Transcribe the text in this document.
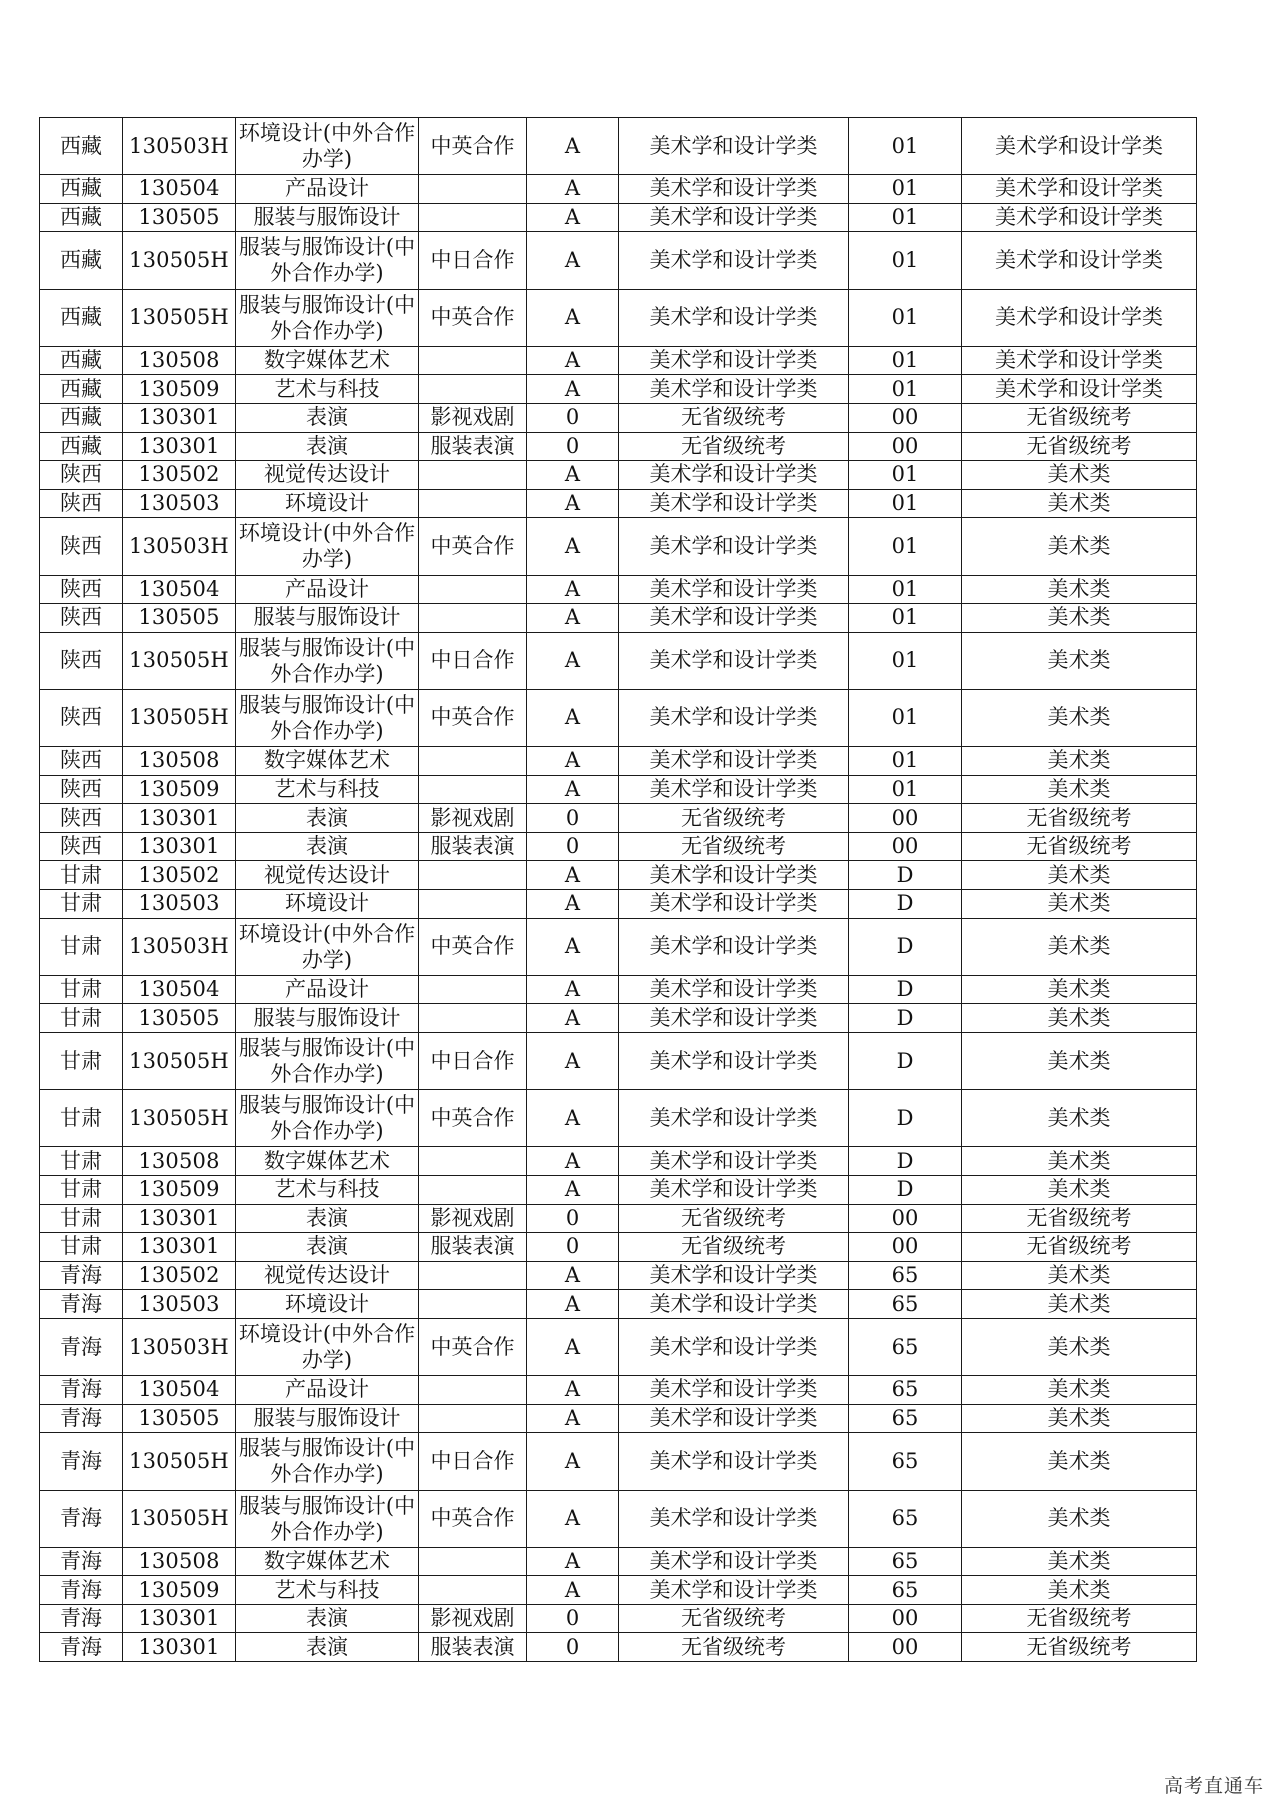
西藏	130503H	环境设计(中外合作办学)	中英合作	A	美术学和设计学类	01	美术学和设计学类
西藏	130504	产品设计		A	美术学和设计学类	01	美术学和设计学类
西藏	130505	服装与服饰设计		A	美术学和设计学类	01	美术学和设计学类
西藏	130505H	服装与服饰设计(中外合作办学)	中日合作	A	美术学和设计学类	01	美术学和设计学类
西藏	130505H	服装与服饰设计(中外合作办学)	中英合作	A	美术学和设计学类	01	美术学和设计学类
西藏	130508	数字媒体艺术		A	美术学和设计学类	01	美术学和设计学类
西藏	130509	艺术与科技		A	美术学和设计学类	01	美术学和设计学类
西藏	130301	表演	影视戏剧	0	无省级统考	00	无省级统考
西藏	130301	表演	服装表演	0	无省级统考	00	无省级统考
陕西	130502	视觉传达设计		A	美术学和设计学类	01	美术类
陕西	130503	环境设计		A	美术学和设计学类	01	美术类
陕西	130503H	环境设计(中外合作办学)	中英合作	A	美术学和设计学类	01	美术类
陕西	130504	产品设计		A	美术学和设计学类	01	美术类
陕西	130505	服装与服饰设计		A	美术学和设计学类	01	美术类
陕西	130505H	服装与服饰设计(中外合作办学)	中日合作	A	美术学和设计学类	01	美术类
陕西	130505H	服装与服饰设计(中外合作办学)	中英合作	A	美术学和设计学类	01	美术类
陕西	130508	数字媒体艺术		A	美术学和设计学类	01	美术类
陕西	130509	艺术与科技		A	美术学和设计学类	01	美术类
陕西	130301	表演	影视戏剧	0	无省级统考	00	无省级统考
陕西	130301	表演	服装表演	0	无省级统考	00	无省级统考
甘肃	130502	视觉传达设计		A	美术学和设计学类	D	美术类
甘肃	130503	环境设计		A	美术学和设计学类	D	美术类
甘肃	130503H	环境设计(中外合作办学)	中英合作	A	美术学和设计学类	D	美术类
甘肃	130504	产品设计		A	美术学和设计学类	D	美术类
甘肃	130505	服装与服饰设计		A	美术学和设计学类	D	美术类
甘肃	130505H	服装与服饰设计(中外合作办学)	中日合作	A	美术学和设计学类	D	美术类
甘肃	130505H	服装与服饰设计(中外合作办学)	中英合作	A	美术学和设计学类	D	美术类
甘肃	130508	数字媒体艺术		A	美术学和设计学类	D	美术类
甘肃	130509	艺术与科技		A	美术学和设计学类	D	美术类
甘肃	130301	表演	影视戏剧	0	无省级统考	00	无省级统考
甘肃	130301	表演	服装表演	0	无省级统考	00	无省级统考
青海	130502	视觉传达设计		A	美术学和设计学类	65	美术类
青海	130503	环境设计		A	美术学和设计学类	65	美术类
青海	130503H	环境设计(中外合作办学)	中英合作	A	美术学和设计学类	65	美术类
青海	130504	产品设计		A	美术学和设计学类	65	美术类
青海	130505	服装与服饰设计		A	美术学和设计学类	65	美术类
青海	130505H	服装与服饰设计(中外合作办学)	中日合作	A	美术学和设计学类	65	美术类
青海	130505H	服装与服饰设计(中外合作办学)	中英合作	A	美术学和设计学类	65	美术类
青海	130508	数字媒体艺术		A	美术学和设计学类	65	美术类
青海	130509	艺术与科技		A	美术学和设计学类	65	美术类
青海	130301	表演	影视戏剧	0	无省级统考	00	无省级统考
青海	130301	表演	服装表演	0	无省级统考	00	无省级统考
高考直通车
